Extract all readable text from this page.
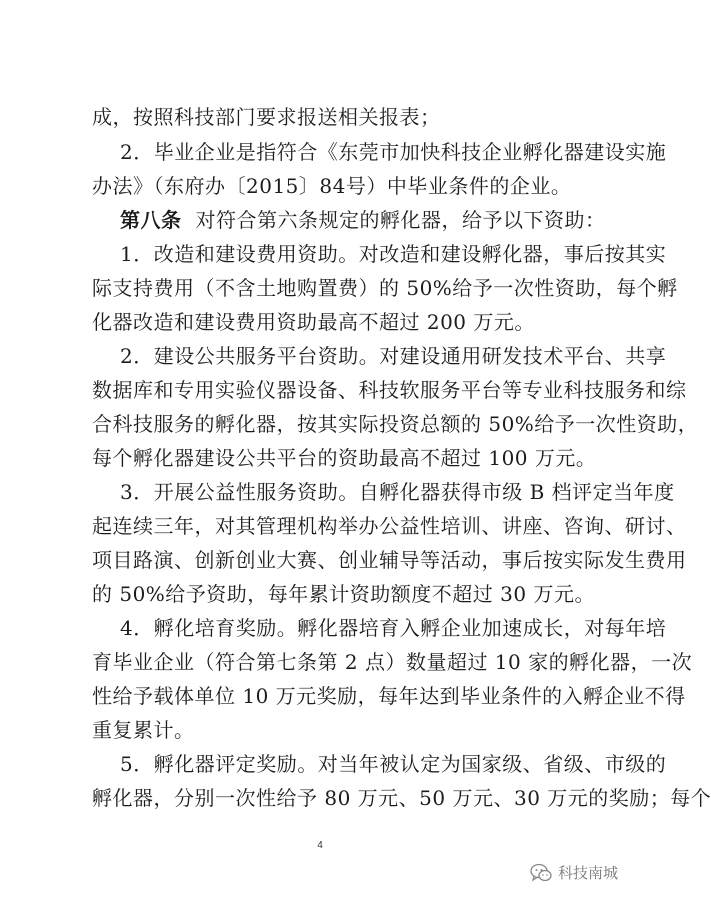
成，按照科技部门要求报送相关报表；
2．毕业企业是指符合《东莞市加快科技企业孵化器建设实施
办法》（东府办〔2015〕84号）中毕业条件的企业。
第八条 对符合第六条规定的孵化器，给予以下资助：
1．改造和建设费用资助。对改造和建设孵化器，事后按其实
际支持费用（不含土地购置费）的 50%给予一次性资助，每个孵
化器改造和建设费用资助最高不超过 200 万元。
2．建设公共服务平台资助。对建设通用研发技术平台、共享
数据库和专用实验仪器设备、科技软服务平台等专业科技服务和综
合科技服务的孵化器，按其实际投资总额的 50%给予一次性资助，
每个孵化器建设公共平台的资助最高不超过 100 万元。
3．开展公益性服务资助。自孵化器获得市级 B 档评定当年度
起连续三年，对其管理机构举办公益性培训、讲座、咨询、研讨、
项目路演、创新创业大赛、创业辅导等活动，事后按实际发生费用
的 50%给予资助，每年累计资助额度不超过 30 万元。
4．孵化培育奖励。孵化器培育入孵企业加速成长，对每年培
育毕业企业（符合第七条第 2 点）数量超过 10 家的孵化器，一次
性给予载体单位 10 万元奖励，每年达到毕业条件的入孵企业不得
重复累计。
5．孵化器评定奖励。对当年被认定为国家级、省级、市级的
孵化器，分别一次性给予 80 万元、50 万元、30 万元的奖励；每个
4
科技南城
